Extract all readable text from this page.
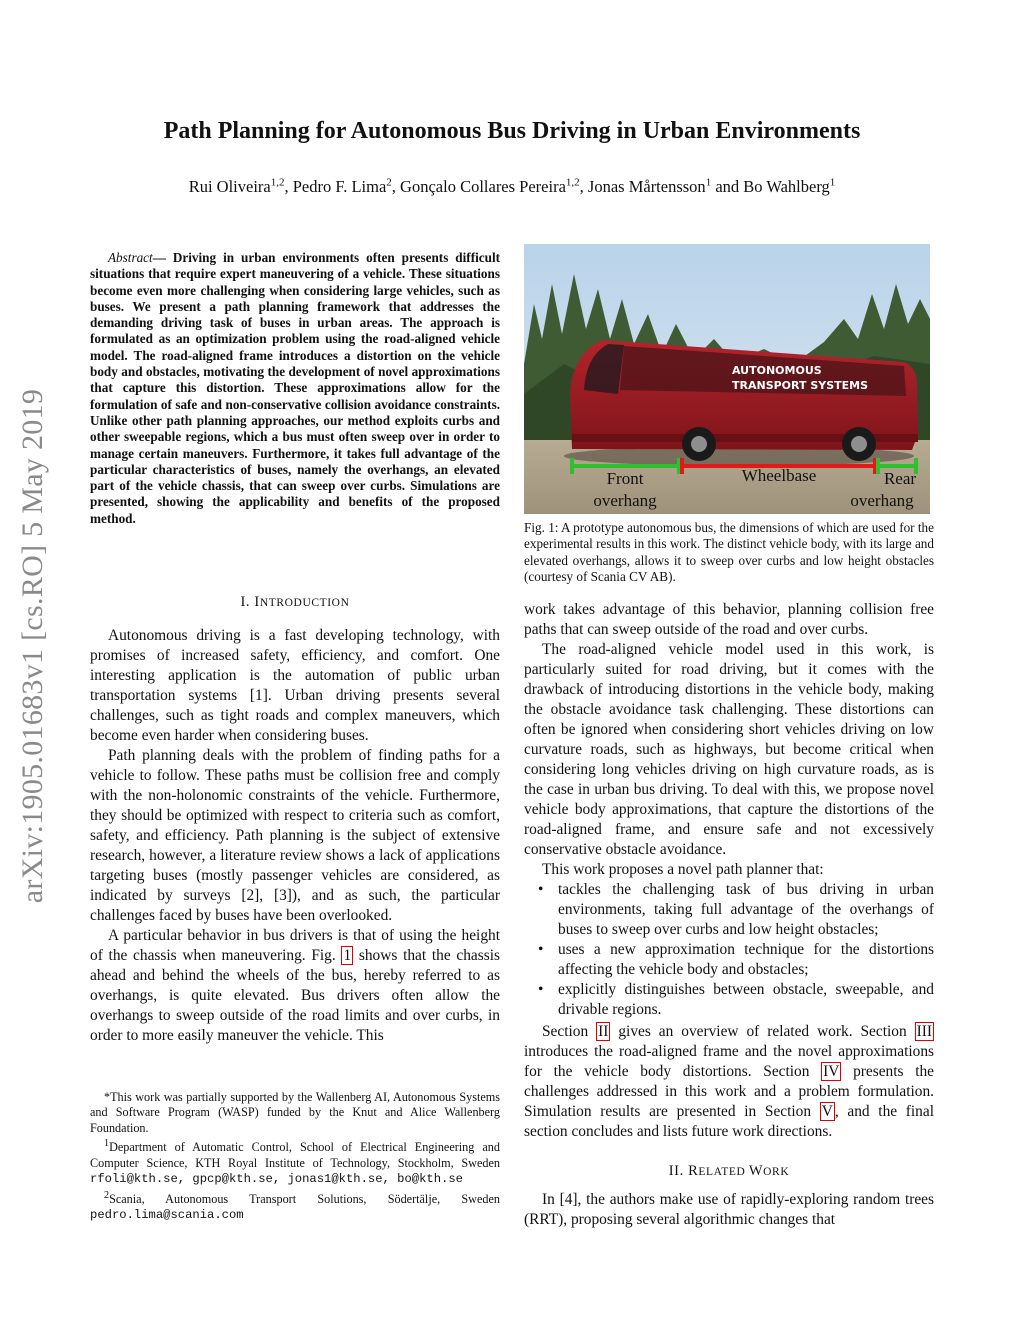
arXiv:1905.01683v1 [cs.RO] 5 May 2019
Path Planning for Autonomous Bus Driving in Urban Environments
Rui Oliveira$^{1,2}$, Pedro F. Lima$^2$, Gonçalo Collares Pereira$^{1,2}$, Jonas Mårtensson$^1$ and Bo Wahlberg$^1$
Abstract— Driving in urban environments often presents difficult situations that require expert maneuvering of a vehicle. These situations become even more challenging when considering large vehicles, such as buses. We present a path planning framework that addresses the demanding driving task of buses in urban areas. The approach is formulated as an optimization problem using the road-aligned vehicle model. The road-aligned frame introduces a distortion on the vehicle body and obstacles, motivating the development of novel approximations that capture this distortion. These approximations allow for the formulation of safe and non-conservative collision avoidance constraints. Unlike other path planning approaches, our method exploits curbs and other sweepable regions, which a bus must often sweep over in order to manage certain maneuvers. Furthermore, it takes full advantage of the particular characteristics of buses, namely the overhangs, an elevated part of the vehicle chassis, that can sweep over curbs. Simulations are presented, showing the applicability and benefits of the proposed method.
I. INTRODUCTION

Autonomous driving is a fast developing technology, with promises of increased safety, efficiency, and comfort. One interesting application is the automation of public urban transportation systems [1]. Urban driving presents several challenges, such as tight roads and complex maneuvers, which become even harder when considering buses.

Path planning deals with the problem of finding paths for a vehicle to follow. These paths must be collision free and comply with the non-holonomic constraints of the vehicle. Furthermore, they should be optimized with respect to criteria such as comfort, safety, and efficiency. Path planning is the subject of extensive research, however, a literature review shows a lack of applications targeting buses (mostly passenger vehicles are considered, as indicated by surveys [2], [3]), and as such, the particular challenges faced by buses have been overlooked.

A particular behavior in bus drivers is that of using the height of the chassis when maneuvering. Fig. 1 shows that the chassis ahead and behind the wheels of the bus, hereby referred to as overhangs, is quite elevated. Bus drivers often allow the overhangs to sweep outside of the road limits and over curbs, in order to more easily maneuver the vehicle. This

*This work was partially supported by the Wallenberg AI, Autonomous Systems and Software Program (WASP) funded by the Knut and Alice Wallenberg Foundation.

$^1$Department of Automatic Control, School of Electrical Engineering and Computer Science, KTH Royal Institute of Technology, Stockholm, Sweden rfoli@kth.se, gpcp@kth.se, jonas1@kth.se, bo@kth.se

$^2$Scania, Autonomous Transport Solutions, Södertälje, Sweden pedro.lima@scania.com

AUTONOMOUS
TRANSPORT SYSTEMS
Front
overhang
Wheelbase	Rear
overhang
Fig. 1: A prototype autonomous bus, the dimensions of which are used for the experimental results in this work. The distinct vehicle body, with its large and elevated overhangs, allows it to sweep over curbs and low height obstacles (courtesy of Scania CV AB).

work takes advantage of this behavior, planning collision free paths that can sweep outside of the road and over curbs.

The road-aligned vehicle model used in this work, is particularly suited for road driving, but it comes with the drawback of introducing distortions in the vehicle body, making the obstacle avoidance task challenging. These distortions can often be ignored when considering short vehicles driving on low curvature roads, such as highways, but become critical when considering long vehicles driving on high curvature roads, as is the case in urban bus driving. To deal with this, we propose novel vehicle body approximations, that capture the distortions of the road-aligned frame, and ensure safe and not excessively conservative obstacle avoidance.

This work proposes a novel path planner that:

• tackles the challenging task of bus driving in urban environments, taking full advantage of the overhangs of buses to sweep over curbs and low height obstacles;
• uses a new approximation technique for the distortions affecting the vehicle body and obstacles;
• explicitly distinguishes between obstacle, sweepable, and drivable regions.

Section II gives an overview of related work. Section III introduces the road-aligned frame and the novel approximations for the vehicle body distortions. Section IV presents the challenges addressed in this work and a problem formulation. Simulation results are presented in Section V , and the final section concludes and lists future work directions.

II. RELATED WORK

In [4], the authors make use of rapidly-exploring random trees (RRT), proposing several algorithmic changes that
